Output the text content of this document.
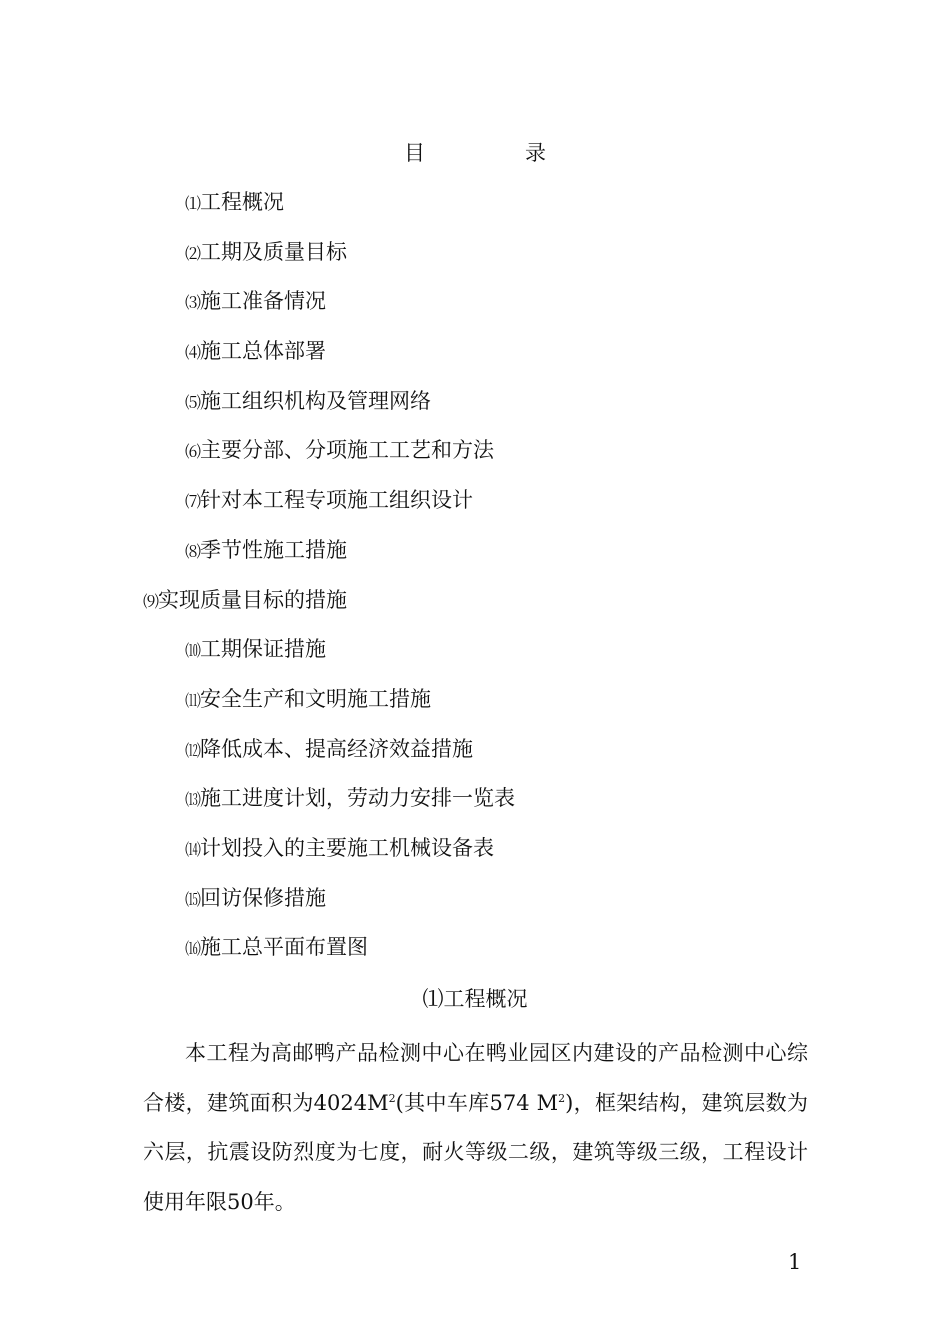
目	录
⑴工程概况
⑵工期及质量目标
⑶施工准备情况
⑷施工总体部署
⑸施工组织机构及管理网络
⑹主要分部、分项施工工艺和方法
⑺针对本工程专项施工组织设计
⑻季节性施工措施
⑼实现质量目标的措施
⑽工期保证措施
⑾安全生产和文明施工措施
⑿降低成本、提高经济效益措施
⒀施工进度计划，劳动力安排一览表
⒁计划投入的主要施工机械设备表
⒂回访保修措施
⒃施工总平面布置图
⑴工程概况

本工程为高邮鸭产品检测中心在鸭业园区内建设的产品检测中心综合楼，建筑面积为$4024M^2$(其中车库574 $M^2$)，框架结构，建筑层数为六层，抗震设防烈度为七度，耐火等级二级，建筑等级三级，工程设计使用年限50年。

1
